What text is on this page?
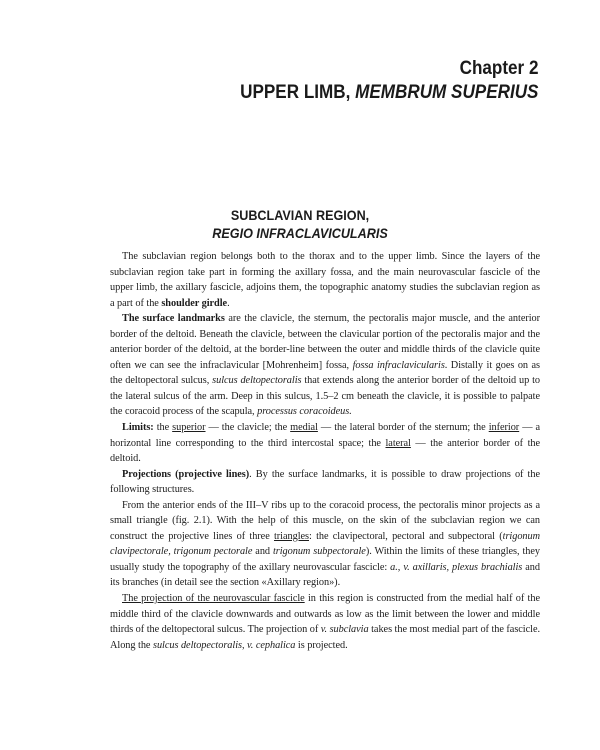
Chapter 2
UPPER LIMB, MEMBRUM SUPERIUS
SUBCLAVIAN REGION,
REGIO INFRACLAVICULARIS

The subclavian region belongs both to the thorax and to the upper limb. Since the layers of the subclavian region take part in forming the axillary fossa, and the main neurovascular fascicle of the upper limb, the axillary fascicle, adjoins them, the topographic anatomy studies the subclavian region as a part of the shoulder girdle.

The surface landmarks are the clavicle, the sternum, the pectoralis major muscle, and the anterior border of the deltoid. Beneath the clavicle, between the clavicular portion of the pectoralis major and the anterior border of the deltoid, at the border-line between the outer and middle thirds of the clavicle quite often we can see the infraclavicular [Mohrenheim] fossa, fossa infraclavicularis. Distally it goes on as the deltopectoral sulcus, sulcus deltopectoralis that extends along the anterior border of the deltoid up to the lateral sulcus of the arm. Deep in this sulcus, 1.5–2 cm beneath the clavicle, it is possible to palpate the coracoid process of the scapula, processus coracoideus.

Limits: the superior — the clavicle; the medial — the lateral border of the sternum; the inferior — a horizontal line corresponding to the third intercostal space; the lateral — the anterior border of the deltoid.

Projections (projective lines). By the surface landmarks, it is possible to draw projections of the following structures.

From the anterior ends of the III–V ribs up to the coracoid process, the pectoralis minor projects as a small triangle (fig. 2.1). With the help of this muscle, on the skin of the subclavian region we can construct the projective lines of three triangles: the clavipectoral, pectoral and subpectoral (trigonum clavipectorale, trigonum pectorale and trigonum subpectorale). Within the limits of these triangles, they usually study the topography of the axillary neurovascular fascicle: a., v. axillaris, plexus brachialis and its branches (in detail see the section «Axillary region»).

The projection of the neurovascular fascicle in this region is constructed from the medial half of the middle third of the clavicle downwards and outwards as low as the limit between the lower and middle thirds of the deltopectoral sulcus. The projection of v. subclavia takes the most medial part of the fascicle. Along the sulcus deltopectoralis, v. cephalica is projected.
